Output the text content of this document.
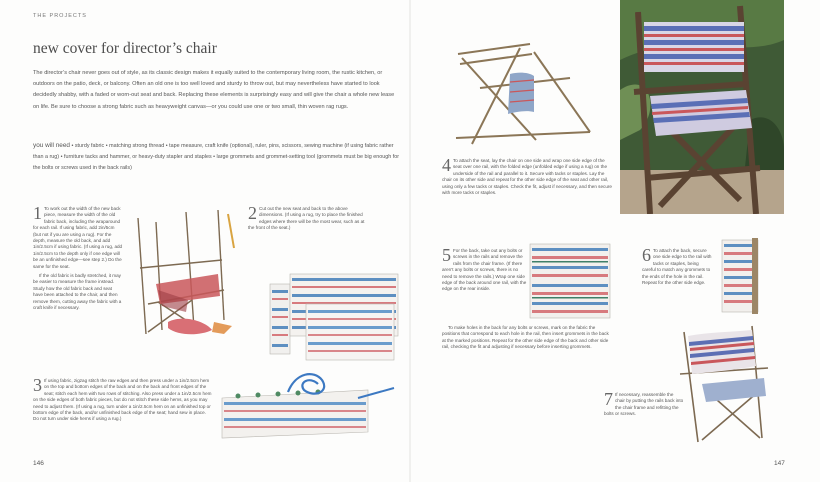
THE PROJECTS
new cover for director’s chair
The director’s chair never goes out of style, as its classic design makes it equally suited to the contemporary living room, the rustic kitchen, or outdoors on the patio, deck, or balcony. Often an old one is too well loved and sturdy to throw out, but may nevertheless have started to look decidedly shabby, with a faded or worn-out seat and back. Replacing these elements is surprisingly easy and will give the chair a whole new lease on life. Be sure to choose a strong fabric such as heavyweight canvas—or you could use one or two small, thin woven rag rugs.
you will need • sturdy fabric • matching strong thread • tape measure, craft knife (optional), ruler, pins, scissors, sewing machine (if using fabric rather than a rug) • furniture tacks and hammer, or heavy-duty stapler and staples • large grommets and grommet-setting tool (grommets must be big enough for the bolts or screws used in the back rails)
1 To work out the width of the new back piece, measure the width of the old fabric back, including the wraparound for each rail. If using fabric, add 2in/5cm (but not if you are using a rug). For the depth, measure the old back, and add 1in/2.5cm if using fabric. (If using a rug, add 1in/2.5cm to the depth only if one edge will be an unfinished edge—see step 2.) Do the same for the seat.
If the old fabric is badly stretched, it may be easier to measure the frame instead. Study how the old fabric back and seat have been attached to the chair, and then remove them, cutting away the fabric with a craft knife if necessary.
2 Cut out the new seat and back to the above dimensions. (If using a rug, try to place the finished edges where there will be the most wear, such as at the front of the seat.)
3 If using fabric, zigzag stitch the raw edges and then press under a 1in/2.5cm hem on the top and bottom edges of the back and on the back and front edges of the seat; stitch each hem with two rows of stitching. Also press under a 1in/2.5cm hem on the side edges of both fabric pieces, but do not stitch these side hems, as you may need to adjust them. (If using a rug, turn under a 1in/2.5cm hem on an unfinished top or bottom edge of the back, and/or unfinished back edge of the seat; hand sew in place. Do not turn under side hems if using a rug.)
146
4 To attach the seat, lay the chair on one side and wrap one side edge of the seat over one rail, with the folded edge (unfolded edge if using a rug) on the underside of the rail and parallel to it. Secure with tacks or staples. Lay the chair on its other side and repeat for the other side edge of the seat and other rail, using only a few tacks or staples. Check the fit, adjust if necessary, and then secure with more tacks or staples.
5 For the back, take out any bolts or screws in the rails and remove the rails from the chair frame. (If there aren’t any bolts or screws, there is no need to remove the rails.) Wrap one side edge of the back around one rail, with the edge on the rear inside.
To make holes in the back for any bolts or screws, mark on the fabric the positions that correspond to each hole in the rail, then insert grommets in the back at the marked positions. Repeat for the other side edge of the back and other side rail, checking the fit and adjusting if necessary before inserting grommets.
6 To attach the back, secure one side edge to the rail with tacks or staples, being careful to match any grommets to the ends of the hole in the rail. Repeat for the other side edge.
7 If necessary, reassemble the chair by putting the rails back into the chair frame and refitting the bolts or screws.
147
